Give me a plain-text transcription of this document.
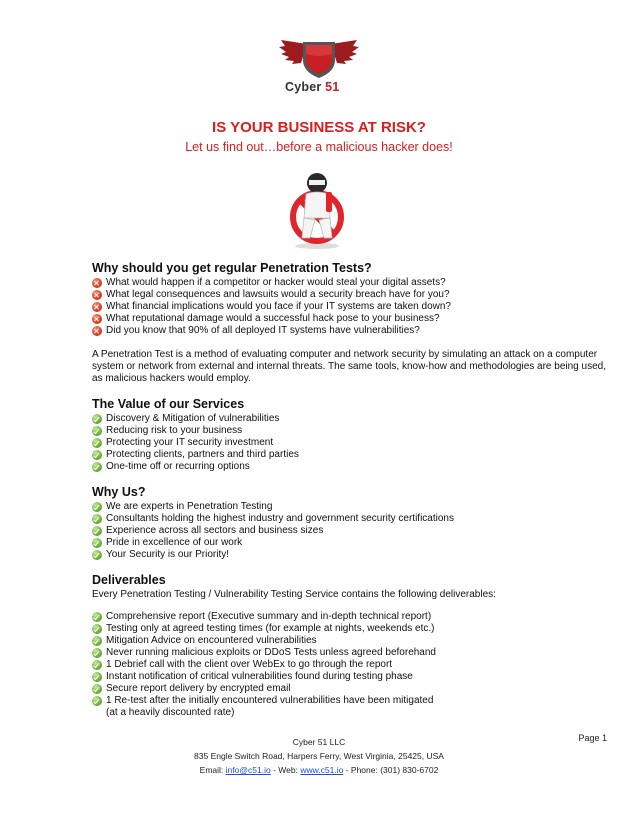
Cyber 51
IS YOUR BUSINESS AT RISK?
Let us find out…before a malicious hacker does!
Why should you get regular Penetration Tests?
What would happen if a competitor or hacker would steal your digital assets?
What legal consequences and lawsuits would a security breach have for you?
What financial implications would you face if your IT systems are taken down?
What reputational damage would a successful hack pose to your business?
Did you know that 90% of all deployed IT systems have vulnerabilities?

A Penetration Test is a method of evaluating computer and network security by simulating an attack on a computer system or network from external and internal threats. The same tools, know-how and methodologies are being used, as malicious hackers would employ.

The Value of our Services
Discovery & Mitigation of vulnerabilities
Reducing risk to your business
Protecting your IT security investment
Protecting clients, partners and third parties
One-time off or recurring options
Why Us?
We are experts in Penetration Testing
Consultants holding the highest industry and government security certifications
Experience across all sectors and business sizes
Pride in excellence of our work
Your Security is our Priority!
Deliverables

Every Penetration Testing / Vulnerability Testing Service contains the following deliverables:

Comprehensive report (Executive summary and in-depth technical report)
Testing only at agreed testing times (for example at nights, weekends etc.)
Mitigation Advice on encountered vulnerabilities
Never running malicious exploits or DDoS Tests unless agreed beforehand
1 Debrief call with the client over WebEx to go through the report
Instant notification of critical vulnerabilities found during testing phase
Secure report delivery by encrypted email
1 Re-test after the initially encountered vulnerabilities have been mitigated
(at a heavily discounted rate)
Page 1
Cyber 51 LLC
835 Engle Switch Road, Harpers Ferry, West Virginia, 25425, USA
Email: info@c51.io - Web: www.c51.io - Phone: (301) 830-6702
